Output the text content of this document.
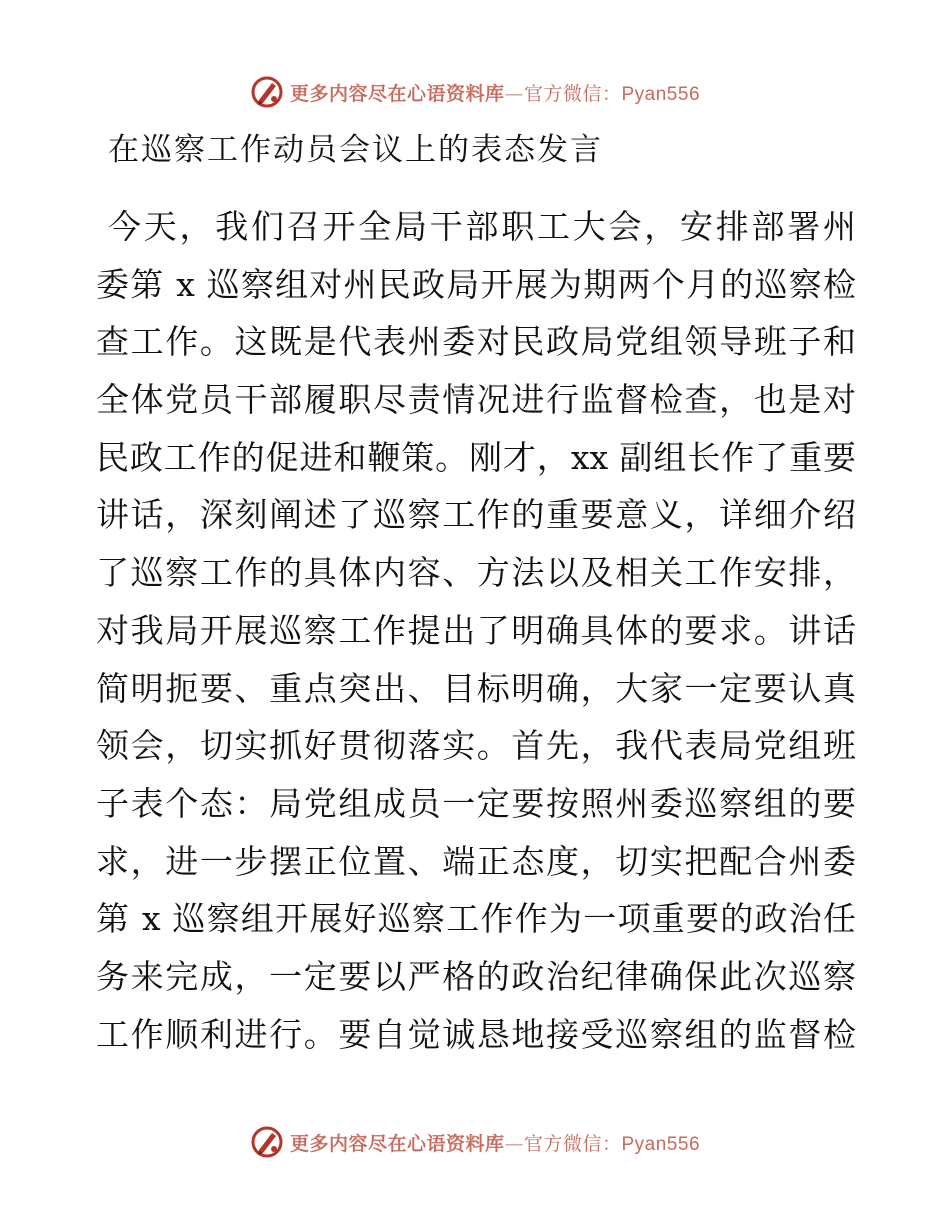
更多内容尽在心语资料库—官方微信：Pyan556
在巡察工作动员会议上的表态发言
今天，我们召开全局干部职工大会，安排部署州
委第 x 巡察组对州民政局开展为期两个月的巡察检
查工作。这既是代表州委对民政局党组领导班子和
全体党员干部履职尽责情况进行监督检查，也是对
民政工作的促进和鞭策。刚才，xx 副组长作了重要
讲话，深刻阐述了巡察工作的重要意义，详细介绍
了巡察工作的具体内容、方法以及相关工作安排，
对我局开展巡察工作提出了明确具体的要求。讲话
简明扼要、重点突出、目标明确，大家一定要认真
领会，切实抓好贯彻落实。首先，我代表局党组班
子表个态：局党组成员一定要按照州委巡察组的要
求，进一步摆正位置、端正态度，切实把配合州委
第 x 巡察组开展好巡察工作作为一项重要的政治任
务来完成，一定要以严格的政治纪律确保此次巡察
工作顺利进行。要自觉诚恳地接受巡察组的监督检
更多内容尽在心语资料库—官方微信：Pyan556
